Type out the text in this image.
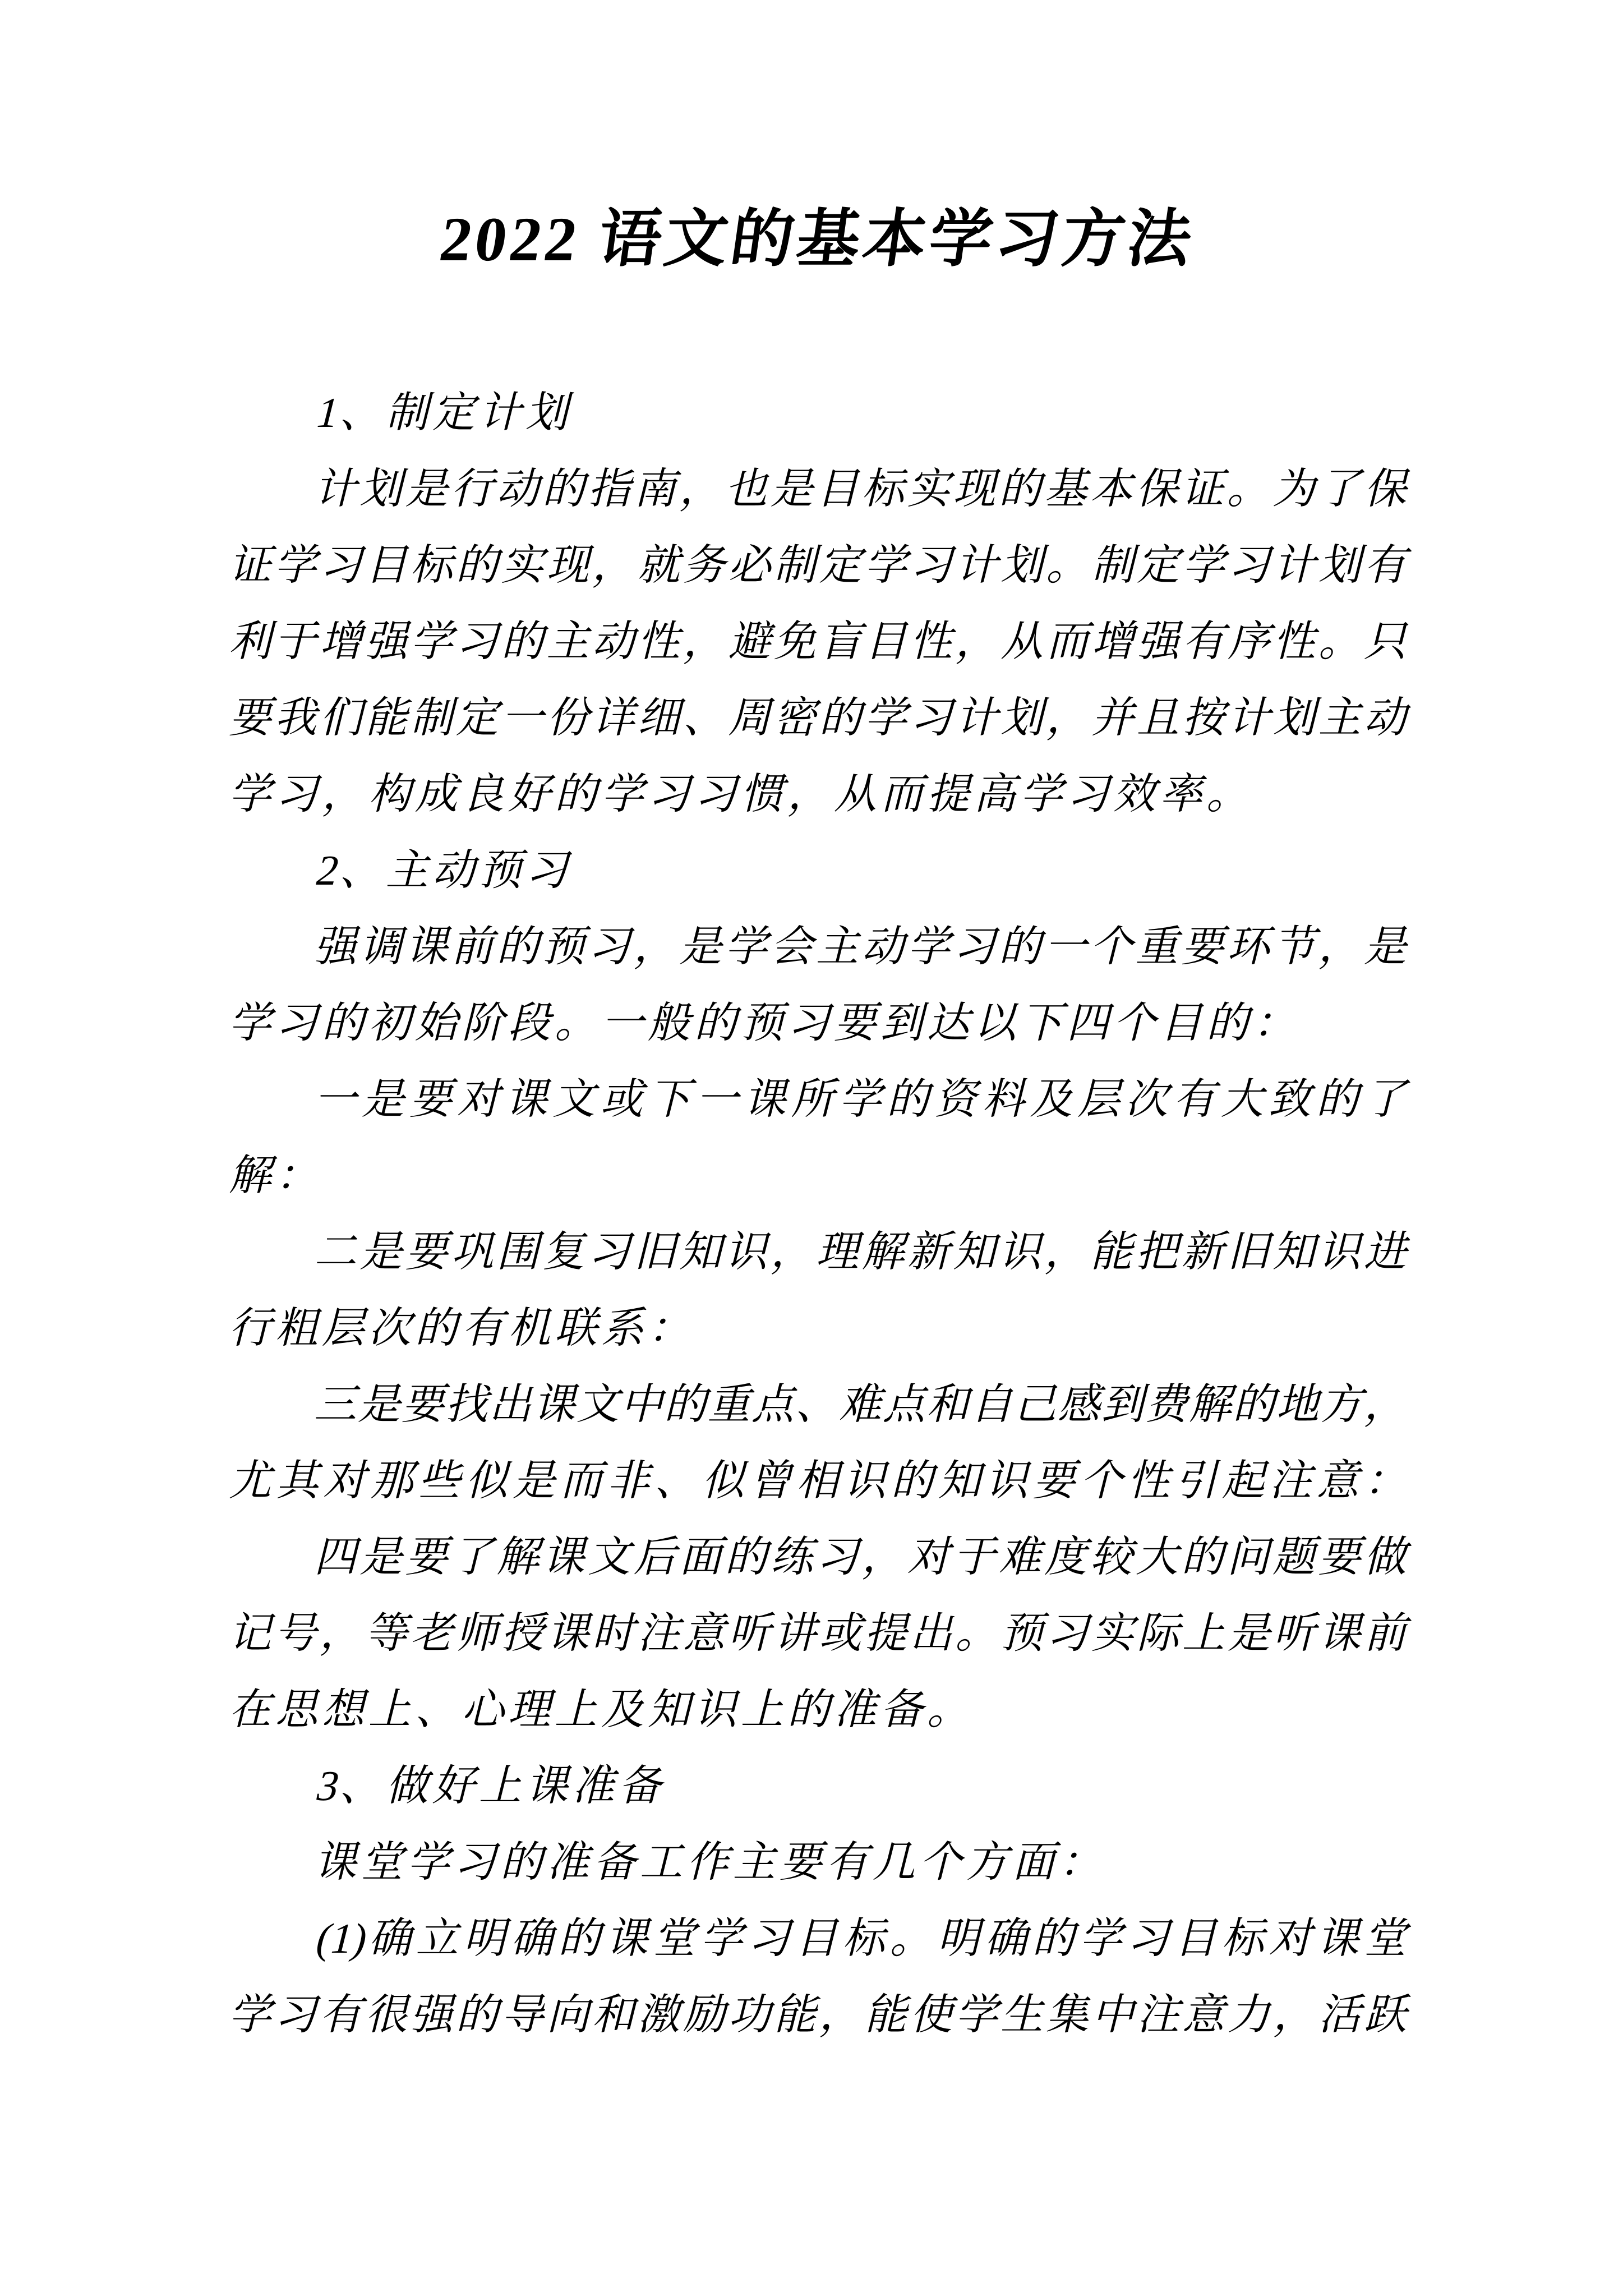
2022 语文的基本学习方法
1、制定计划
计划是行动的指南，也是目标实现的基本保证。为了保
证学习目标的实现，就务必制定学习计划。制定学习计划有
利于增强学习的主动性，避免盲目性，从而增强有序性。只
要我们能制定一份详细、周密的学习计划，并且按计划主动
学习，构成良好的学习习惯，从而提高学习效率。
2、主动预习
强调课前的预习，是学会主动学习的一个重要环节，是
学习的初始阶段。一般的预习要到达以下四个目的：
一是要对课文或下一课所学的资料及层次有大致的了
解：
二是要巩围复习旧知识，理解新知识，能把新旧知识进
行粗层次的有机联系：
三是要找出课文中的重点、难点和自己感到费解的地方，
尤其对那些似是而非、似曾相识的知识要个性引起注意：
四是要了解课文后面的练习，对于难度较大的问题要做
记号，等老师授课时注意听讲或提出。预习实际上是听课前
在思想上、心理上及知识上的准备。
3、做好上课准备
课堂学习的准备工作主要有几个方面：
(1)确立明确的课堂学习目标。明确的学习目标对课堂
学习有很强的导向和激励功能，能使学生集中注意力，活跃
